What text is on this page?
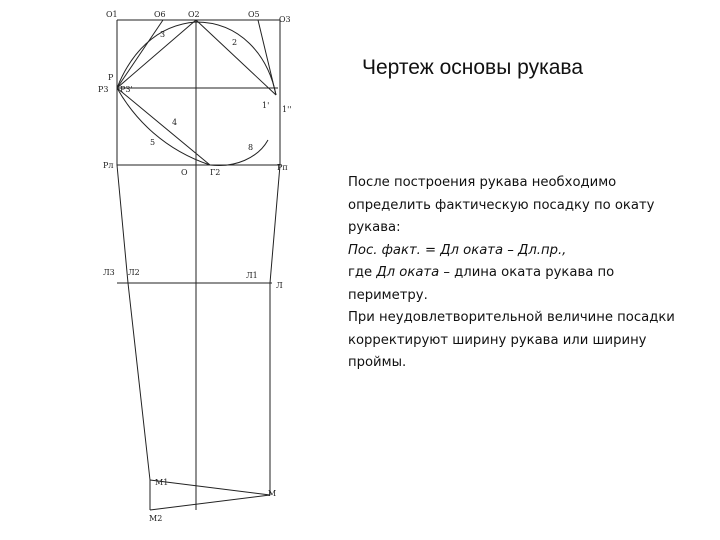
О1	О6	О2	О5
О3
3
2
Р
Р3 Р3'
1' 1''
4
5
8
Рл
О	Г2
Рп
Л3 Л2	Л1
Л
М1
М
М2
Чертеж основы рукава

После построения рукава необходимо определить фактическую посадку по окату рукава:

Пос. факт. = Дл оката – Дл.пр.,

где Дл оката – длина оката рукава по периметру.

При неудовлетворительной величине посадки корректируют ширину рукава или ширину проймы.
